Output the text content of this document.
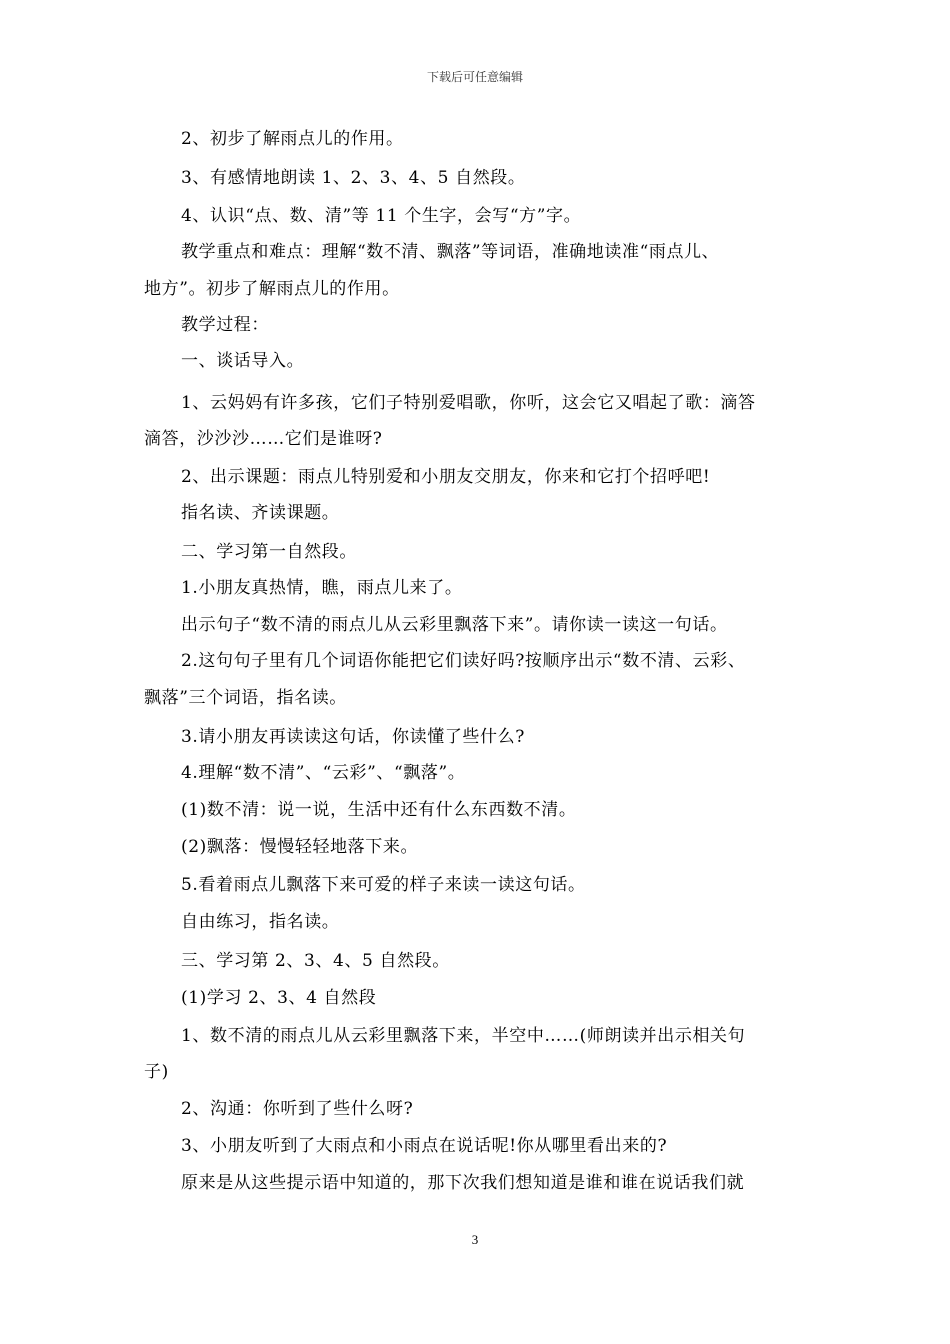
下载后可任意编辑
2、初步了解雨点儿的作用。
3、有感情地朗读 1、2、3、4、5 自然段。
4、认识“点、数、清”等 11 个生字，会写“方”字。
教学重点和难点：理解“数不清、飘落”等词语，准确地读准“雨点儿、
地方”。初步了解雨点儿的作用。
教学过程：
一、谈话导入。
1、云妈妈有许多孩，它们子特别爱唱歌，你听，这会它又唱起了歌：滴答
滴答，沙沙沙……它们是谁呀?
2、出示课题：雨点儿特别爱和小朋友交朋友，你来和它打个招呼吧!
指名读、齐读课题。
二、学习第一自然段。
1.小朋友真热情，瞧，雨点儿来了。
出示句子“数不清的雨点儿从云彩里飘落下来”。请你读一读这一句话。
2.这句句子里有几个词语你能把它们读好吗?按顺序出示“数不清、云彩、
飘落”三个词语，指名读。
3.请小朋友再读读这句话，你读懂了些什么?
4.理解“数不清”、“云彩”、“飘落”。
(1)数不清：说一说，生活中还有什么东西数不清。
(2)飘落：慢慢轻轻地落下来。
5.看着雨点儿飘落下来可爱的样子来读一读这句话。
自由练习，指名读。
三、学习第 2、3、4、5 自然段。
(1)学习 2、3、4 自然段
1、数不清的雨点儿从云彩里飘落下来，半空中……(师朗读并出示相关句
子)
2、沟通：你听到了些什么呀?
3、小朋友听到了大雨点和小雨点在说话呢!你从哪里看出来的?
原来是从这些提示语中知道的，那下次我们想知道是谁和谁在说话我们就
3
